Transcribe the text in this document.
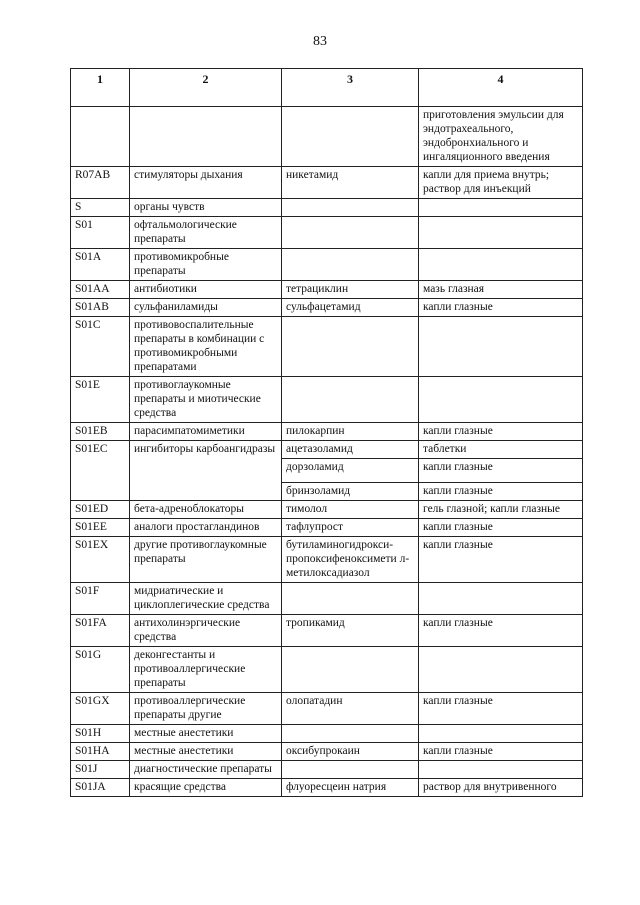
83
1	2	3	4
			приготовления эмульсии для эндотрахеального, эндобронхиального и ингаляционного введения
R07AB	стимуляторы дыхания	никетамид	капли для приема внутрь; раствор для инъекций
S	органы чувств		
S01	офтальмологические препараты		
S01A	противомикробные препараты		
S01AA	антибиотики	тетрациклин	мазь глазная
S01AB	сульфаниламиды	сульфацетамид	капли глазные
S01C	противовоспалительные препараты в комбинации с противомикробными препаратами		
S01E	противоглаукомные препараты и миотические средства		
S01EB	парасимпатомиметики	пилокарпин	капли глазные
S01EC	ингибиторы карбоангидразы	ацетазоламид	таблетки
		дорзоламид	капли глазные
		бринзоламид	капли глазные
S01ED	бета-адреноблокаторы	тимолол	гель глазной; капли глазные
S01EE	аналоги простагландинов	тафлупрост	капли глазные
S01EX	другие противоглаукомные препараты	бутиламиногидрокси-пропоксифеноксимети л-метилоксадиазол	капли глазные
S01F	мидриатические и циклоплегические средства		
S01FA	антихолинэргические средства	тропикамид	капли глазные
S01G	деконгестанты и противоаллергические препараты		
S01GX	противоаллергические препараты другие	олопатадин	капли глазные
S01H	местные анестетики		
S01HA	местные анестетики	оксибупрокаин	капли глазные
S01J	диагностические препараты		
S01JA	красящие средства	флуоресцеин натрия	раствор для внутривенного
